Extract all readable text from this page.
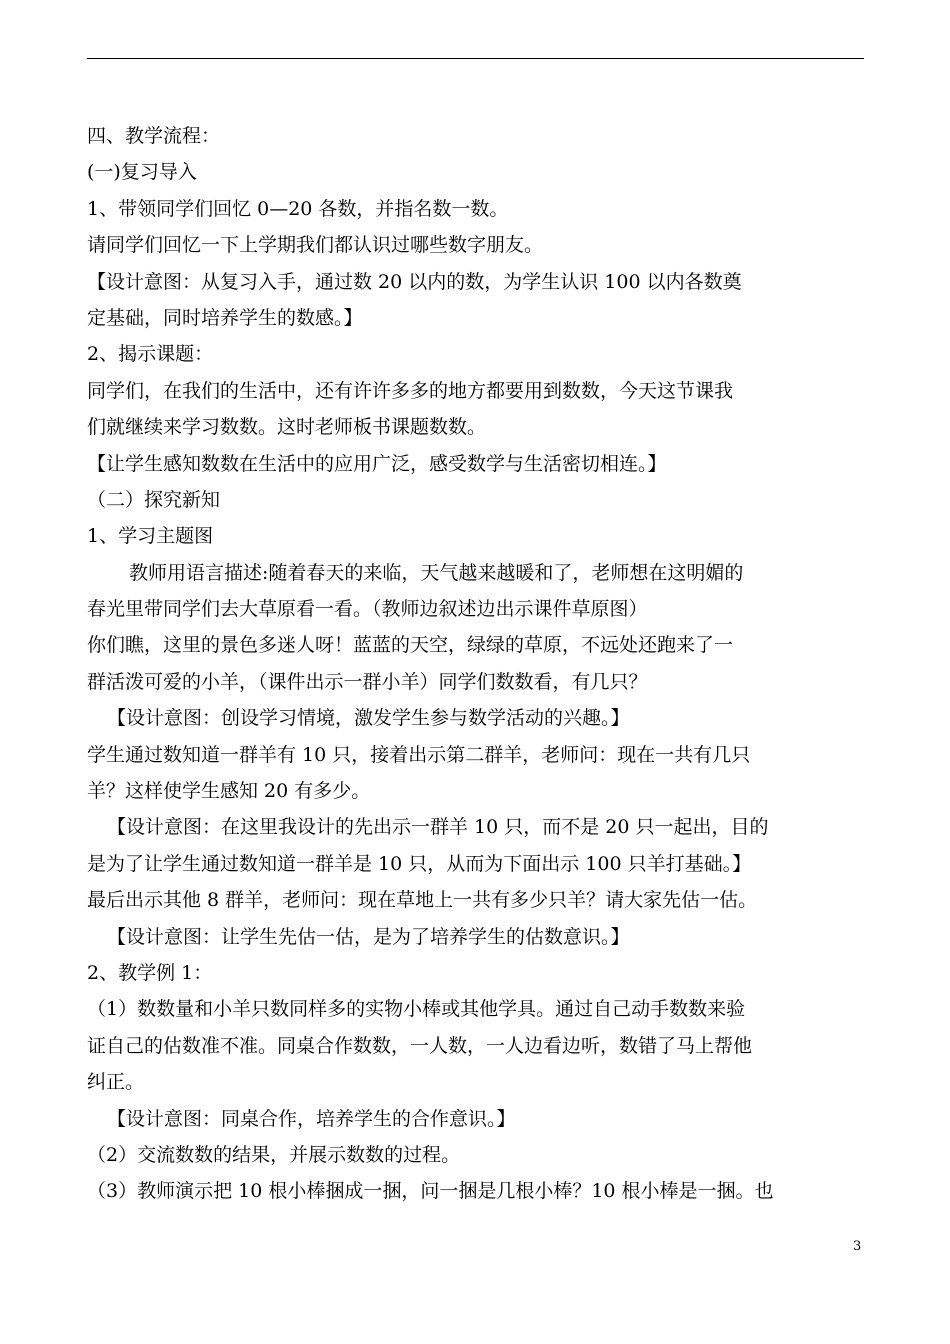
四、教学流程：
(一)复习导入
1、带领同学们回忆 0—20 各数，并指名数一数。
请同学们回忆一下上学期我们都认识过哪些数字朋友。
【设计意图：从复习入手，通过数 20 以内的数，为学生认识 100 以内各数奠
定基础，同时培养学生的数感。】
2、揭示课题：
同学们，在我们的生活中，还有许许多多的地方都要用到数数，今天这节课我
们就继续来学习数数。这时老师板书课题数数。
【让学生感知数数在生活中的应用广泛，感受数学与生活密切相连。】
（二）探究新知
1、学习主题图
教师用语言描述:随着春天的来临，天气越来越暖和了，老师想在这明媚的
春光里带同学们去大草原看一看。（教师边叙述边出示课件草原图）
你们瞧，这里的景色多迷人呀！蓝蓝的天空，绿绿的草原，不远处还跑来了一
群活泼可爱的小羊，（课件出示一群小羊）同学们数数看，有几只？
【设计意图：创设学习情境，激发学生参与数学活动的兴趣。】
学生通过数知道一群羊有 10 只，接着出示第二群羊，老师问：现在一共有几只
羊？这样使学生感知 20 有多少。
【设计意图：在这里我设计的先出示一群羊 10 只，而不是 20 只一起出，目的
是为了让学生通过数知道一群羊是 10 只，从而为下面出示 100 只羊打基础。】
最后出示其他 8 群羊，老师问：现在草地上一共有多少只羊？请大家先估一估。
【设计意图：让学生先估一估，是为了培养学生的估数意识。】
2、教学例 1：
（1）数数量和小羊只数同样多的实物小棒或其他学具。通过自己动手数数来验
证自己的估数准不准。同桌合作数数，一人数，一人边看边听，数错了马上帮他
纠正。
【设计意图：同桌合作，培养学生的合作意识。】
（2）交流数数的结果，并展示数数的过程。
（3）教师演示把 10 根小棒捆成一捆，问一捆是几根小棒？10 根小棒是一捆。也
3
